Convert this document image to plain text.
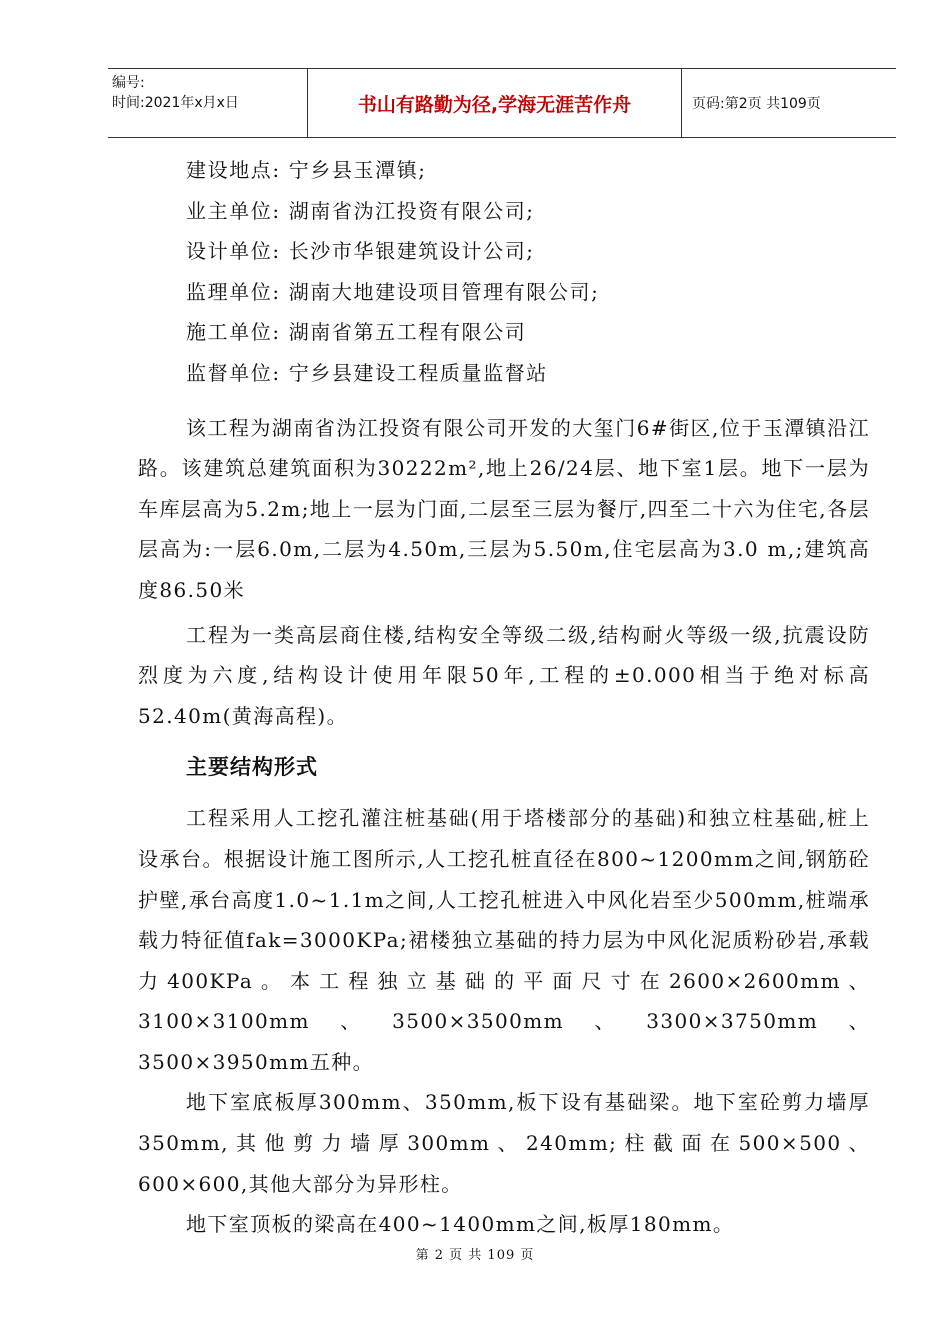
编号:
时间:2021年x月x日	书山有路勤为径,学海无涯苦作舟	页码:第2页 共109页
建设地点: 宁乡县玉潭镇;
业主单位: 湖南省沩江投资有限公司;
设计单位: 长沙市华银建筑设计公司;
监理单位: 湖南大地建设项目管理有限公司;
施工单位: 湖南省第五工程有限公司
监督单位: 宁乡县建设工程质量监督站

该工程为湖南省沩江投资有限公司开发的大玺门6#街区,位于玉潭镇沿江路。该建筑总建筑面积为30222m²,地上26/24层、地下室1层。地下一层为车库层高为5.2m;地上一层为门面,二层至三层为餐厅,四至二十六为住宅,各层层高为:一层6.0m,二层为4.50m,三层为5.50m,住宅层高为3.0 m,;建筑高度86.50米

工程为一类高层商住楼,结构安全等级二级,结构耐火等级一级,抗震设防烈度为六度,结构设计使用年限50年,工程的±0.000相当于绝对标高52.40m(黄海高程)。

主要结构形式

工程采用人工挖孔灌注桩基础(用于塔楼部分的基础)和独立柱基础,桩上设承台。根据设计施工图所示,人工挖孔桩直径在800~1200mm之间,钢筋砼护壁,承台高度1.0~1.1m之间,人工挖孔桩进入中风化岩至少500mm,桩端承载力特征值fak=3000KPa;裙楼独立基础的持力层为中风化泥质粉砂岩,承载力400KPa。本工程独立基础的平面尺寸在2600×2600mm、3100×3100mm、3500×3500mm、3300×3750mm、3500×3950mm五种。

地下室底板厚300mm、350mm,板下设有基础梁。地下室砼剪力墙厚350mm,其他剪力墙厚300mm、240mm;柱截面在500×500、600×600,其他大部分为异形柱。

地下室顶板的梁高在400~1400mm之间,板厚180mm。

第 2 页 共 109 页
